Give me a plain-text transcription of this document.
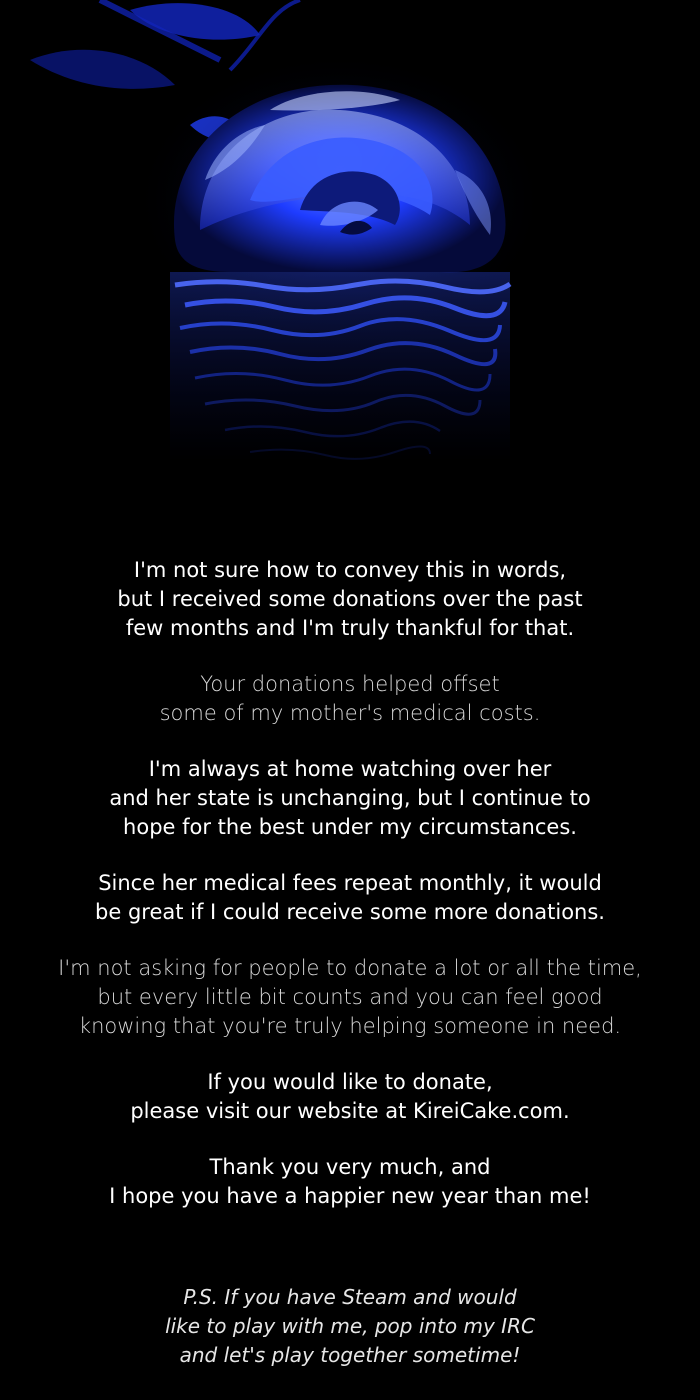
I'm not sure how to convey this in words,
but I received some donations over the past
few months and I'm truly thankful for that.

Your donations helped offset
some of my mother's medical costs.

I'm always at home watching over her
and her state is unchanging, but I continue to
hope for the best under my circumstances.

Since her medical fees repeat monthly, it would
be great if I could receive some more donations.

I'm not asking for people to donate a lot or all the time,
but every little bit counts and you can feel good
knowing that you're truly helping someone in need.

If you would like to donate,
please visit our website at KireiCake.com.

Thank you very much, and
I hope you have a happier new year than me!

P.S. If you have Steam and would
like to play with me, pop into my IRC
and let's play together sometime!
